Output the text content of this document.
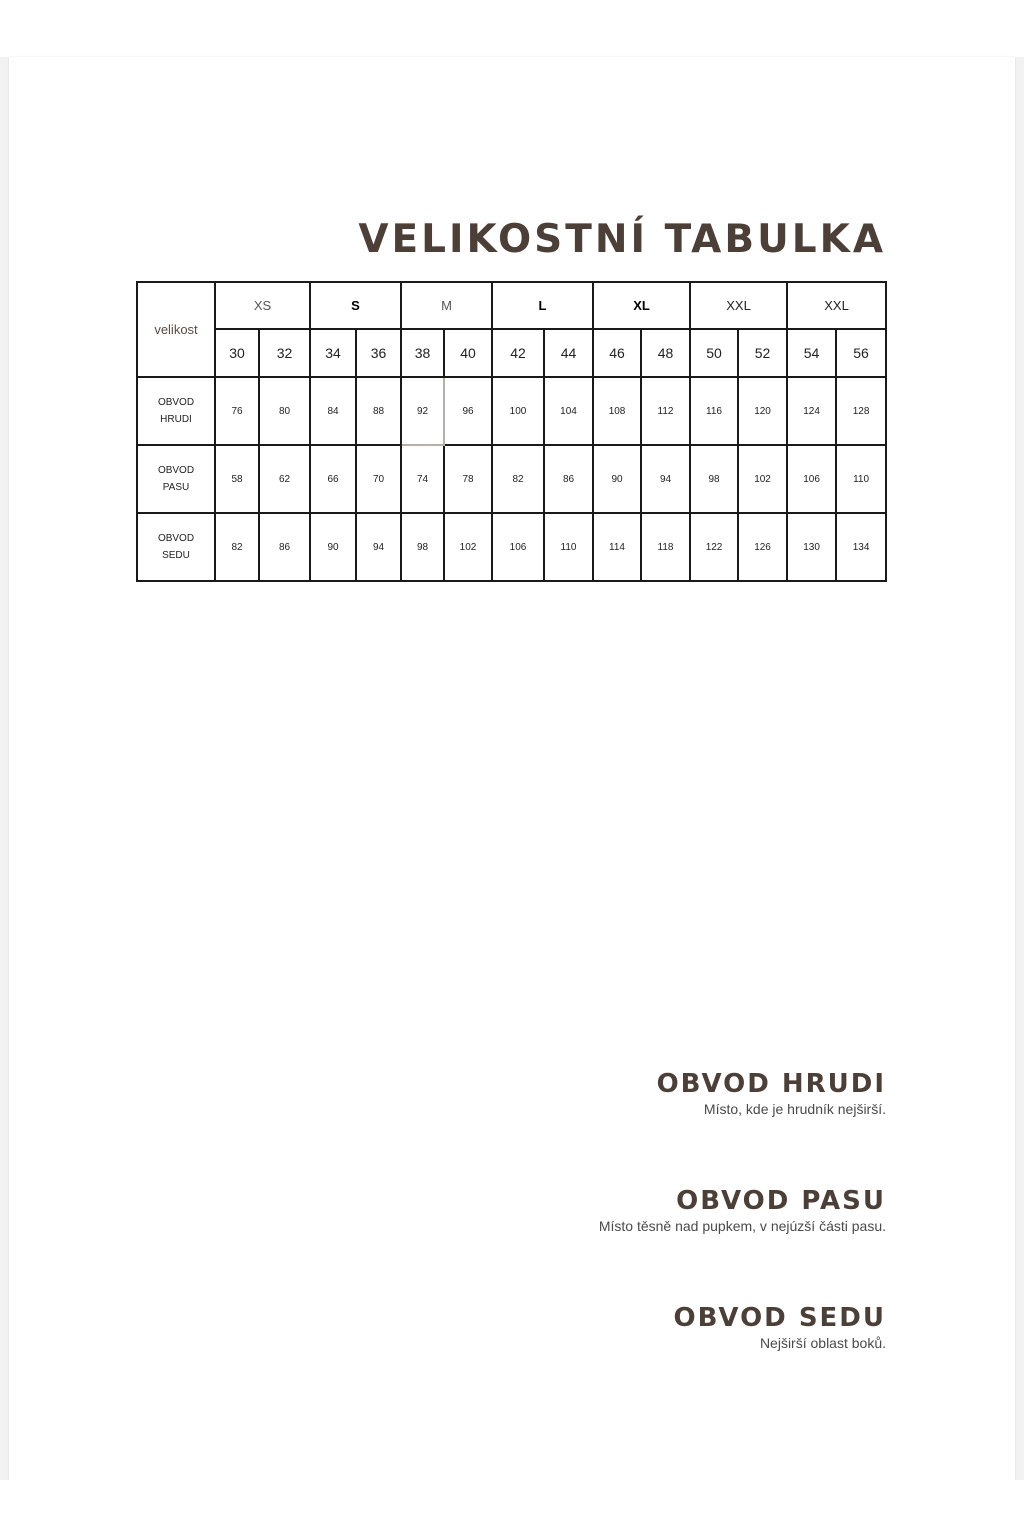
VELIKOSTNÍ TABULKA
velikost	XS		S		M		L		XL		XXL		XXL	
	30	32	34	36	38	40	42	44	46	48	50	52	54	56
OBVOD
HRUDI	76	80	84	88	92	96	100	104	108	112	116	120	124	128
OBVOD
PASU	58	62	66	70	74	78	82	86	90	94	98	102	106	110
OBVOD
SEDU	82	86	90	94	98	102	106	110	114	118	122	126	130	134
OBVOD HRUDI

Místo, kde je hrudník nejširší.

OBVOD PASU

Místo těsně nad pupkem, v nejúzší části pasu.

OBVOD SEDU

Nejširší oblast boků.
